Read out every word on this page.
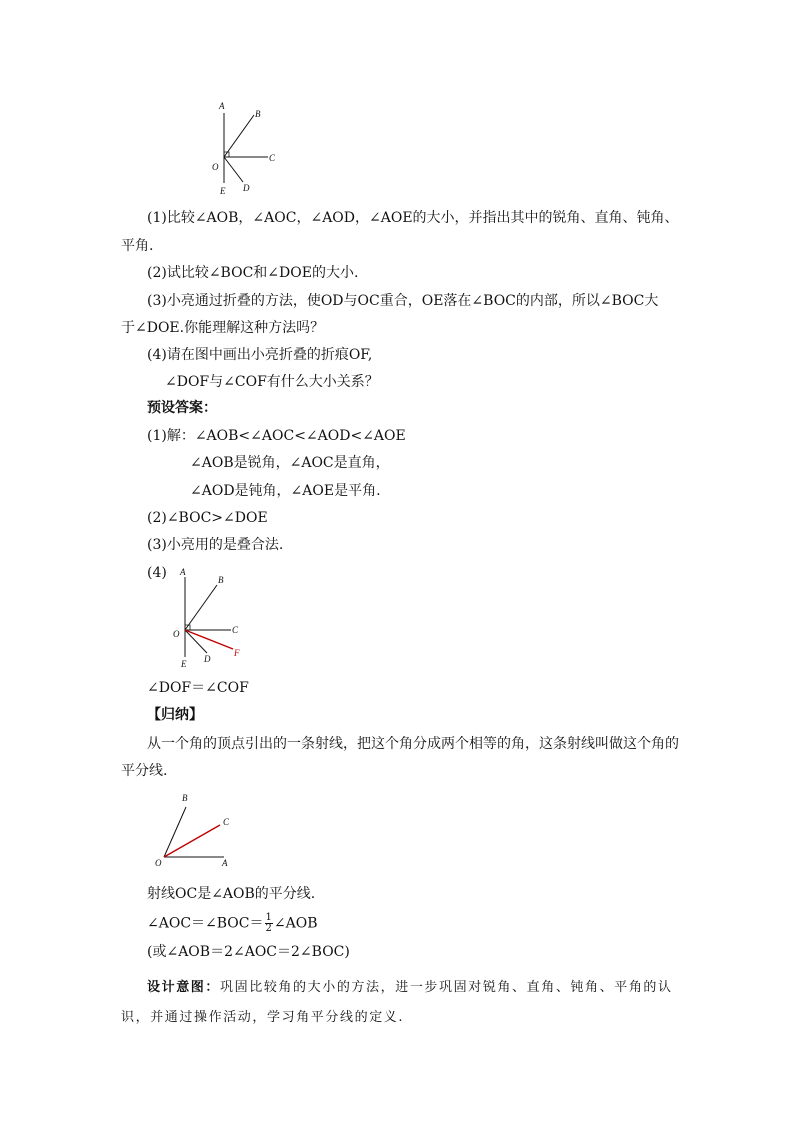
A
B
C
O
E D
(1)比较∠AOB，∠AOC，∠AOD，∠AOE的大小，并指出其中的锐角、直角、钝角、
平角.
(2)试比较∠BOC和∠DOE的大小.
(3)小亮通过折叠的方法，使OD与OC重合，OE落在∠BOC的内部，所以∠BOC大
于∠DOE.你能理解这种方法吗？
(4)请在图中画出小亮折叠的折痕OF,
∠DOF与∠COF有什么大小关系？
预设答案：
(1)解：∠AOB<∠AOC<∠AOD<∠AOE
∠AOB是锐角，∠AOC是直角，
∠AOD是钝角，∠AOE是平角.
(2)∠BOC>∠DOE
(3)小亮用的是叠合法.
(4) A
B
C
O
E D
F
∠DOF＝∠COF
【归纳】
从一个角的顶点引出的一条射线，把这个角分成两个相等的角，这条射线叫做这个角的
平分线.
B
C
O	A
射线OC是∠AOB的平分线.
∠AOC＝∠BOC＝ $\frac{1}{2}$ ∠AOB
(或∠AOB＝2∠AOC＝2∠BOC)
设计意图：巩固比较角的大小的方法，进一步巩固对锐角、直角、钝角、平角的认
识，并通过操作活动，学习角平分线的定义.
